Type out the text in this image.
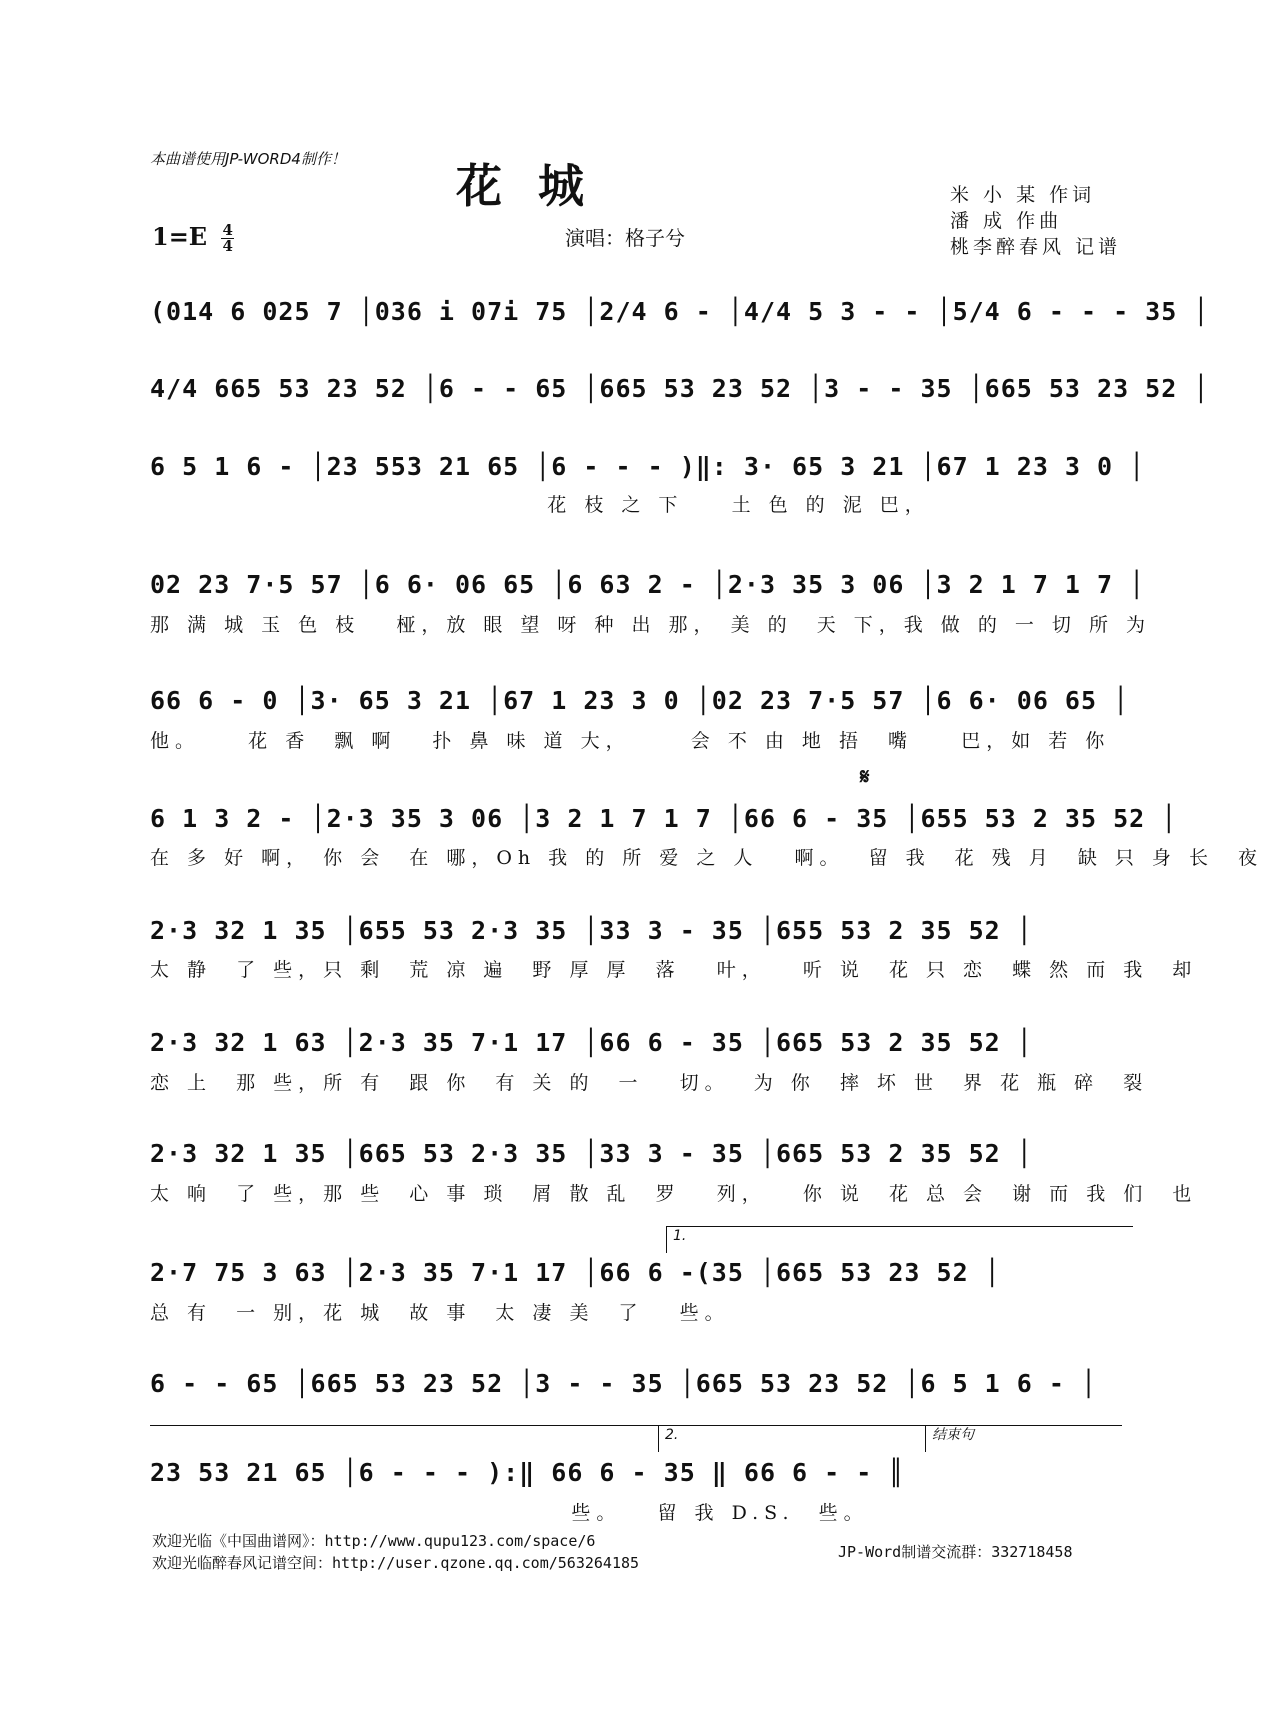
本曲谱使用JP-WORD4制作！	花 城
$1=E \frac{4}{4}$	演唱：格子兮
米 小 某 作词
潘 成 作曲
桃李醉春风 记谱
(014 6 025 7 │036 i 07i 75 │2/4 6 - │4/4 5 3 - - │5/4 6 - - - 35 │
4/4 665 53 23 52 │6 - - 65 │665 53 23 52 │3 - - 35 │665 53 23 52 │
6 5 1 6 - │23 553 21 65 │6 - - - )‖: 3· 65 3 21 │67 1 23 3 0 │
花 枝 之 下    土 色 的 泥 巴，
02 23 7·5 57 │6 6· 06 65 │6 63 2 - │2·3 35 3 06 │3 2 1 7 1 7 │
那 满 城 玉 色 枝   桠，放 眼 望 呀 种 出 那， 美 的  天 下，我 做 的 一 切 所 为
66 6 - 0 │3· 65 3 21 │67 1 23 3 0 │02 23 7·5 57 │6 6· 06 65 │
他。    花 香  飘 啊   扑 鼻 味 道 大，     会 不 由 地 捂  嘴    巴，如 若 你
𝄋
6 1 3 2 - │2·3 35 3 06 │3 2 1 7 1 7 │66 6 - 35 │655 53 2 35 52 │
在 多 好 啊， 你 会  在 哪，Oh 我 的 所 爱 之 人   啊。  留 我  花 残 月  缺 只 身 长  夜
2·3 32 1 35 │655 53 2·3 35 │33 3 - 35 │655 53 2 35 52 │
太 静  了 些，只 剩  荒 凉 遍  野 厚 厚  落   叶，   听 说  花 只 恋  蝶 然 而 我  却
2·3 32 1 63 │2·3 35 7·1 17 │66 6 - 35 │665 53 2 35 52 │
恋 上  那 些，所 有  跟 你  有 关 的  一   切。  为 你  摔 坏 世  界 花 瓶 碎  裂
2·3 32 1 35 │665 53 2·3 35 │33 3 - 35 │665 53 2 35 52 │
太 响  了 些，那 些  心 事 琐  屑 散 乱  罗   列，   你 说  花 总 会  谢 而 我 们  也
1.
2·7 75 3 63 │2·3 35 7·1 17 │66 6 -(35 │665 53 23 52 │
总 有  一 别，花 城  故 事  太 凄 美  了   些。
6 - - 65 │665 53 23 52 │3 - - 35 │665 53 23 52 │6 5 1 6 - │
2.	结束句
23 53 21 65 │6 - - - ):‖ 66 6 - 35 ‖ 66 6 - - ║
些。   留 我 D.S.  些。
欢迎光临《中国曲谱网》：http://www.qupu123.com/space/6
欢迎光临醉春风记谱空间：http://user.qzone.qq.com/563264185
JP-Word制谱交流群：332718458
